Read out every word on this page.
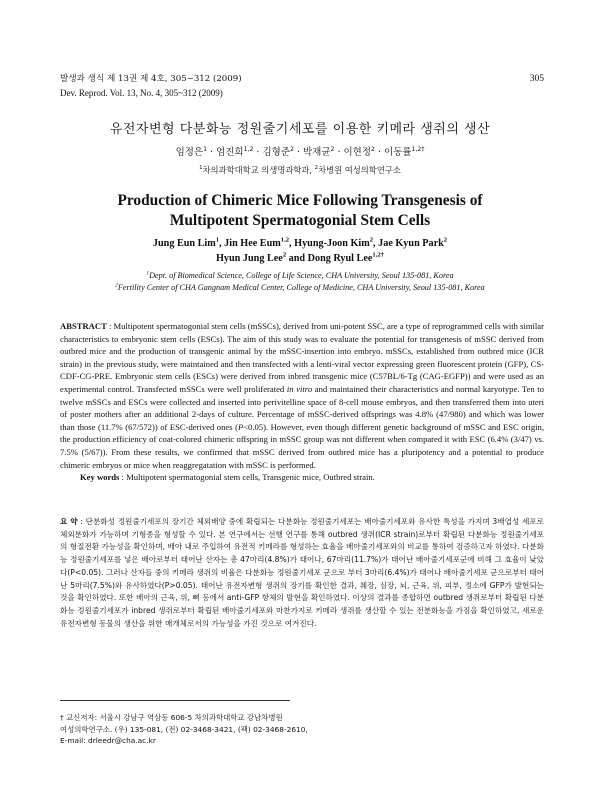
발생과 생식 제 13권 제 4호, 305~312 (2009)
Dev. Reprod. Vol. 13, No. 4, 305~312 (2009)
305
유전자변형 다분화능 정원줄기세포를 이용한 키메라 생쥐의 생산
임정은$^1$ · 엄진희$^{1,2}$ · 김형준$^2$ · 박재균$^2$ · 이현정$^2$ · 이동률$^{1,2\dagger}$
$^1$차의과학대학교 의생명과학과, $^2$차병원 여성의학연구소
Production of Chimeric Mice Following Transgenesis of
Multipotent Spermatogonial Stem Cells
Jung Eun Lim$^1$, Jin Hee Eum$^{1,2}$, Hyung-Joon Kim$^2$, Jae Kyun Park$^2$
Hyun Jung Lee$^2$ and Dong Ryul Lee$^{1,2\dagger}$
$^1$Dept. of Biomedical Science, College of Life Science, CHA University, Seoul 135-081, Korea
$^2$Fertility Center of CHA Gangnam Medical Center, College of Medicine, CHA University, Seoul 135-081, Korea
ABSTRACT : Multipotent spermatogonial stem cells (mSSCs), derived from uni-potent SSC, are a type of reprogrammed cells with similar characteristics to embryonic stem cells (ESCs). The aim of this study was to evaluate the potential for transgenesis of mSSC derived from outbred mice and the production of transgenic animal by the mSSC-insertion into embryo. mSSCs, established from outbred mice (ICR strain) in the previous study, were maintained and then transfected with a lenti-viral vector expressing green fluorescent protein (GFP), CS-CDF-CG-PRE. Embryonic stem cells (ESCs) were derived from inbred transgenic mice (C57BL/6-Tg (CAG-EGFP)) and were used as an experimental control. Transfected mSSCs were well proliferated in vitro and maintained their characteristics and normal karyotype. Ten to twelve mSSCs and ESCs were collected and inserted into perivitelline space of 8-cell mouse embryos, and then transferred them into uteri of poster mothers after an additional 2-days of culture. Percentage of mSSC-derived offsprings was 4.8% (47/980) and which was lower than those (11.7% (67/572)) of ESC-derived ones (P<0.05). However, even though different genetic background of mSSC and ESC origin, the production efficiency of coat-colored chimeric offspring in mSSC group was not different when compared it with ESC (6.4% (3/47) vs. 7.5% (5/67)). From these results, we confirmed that mSSC derived from outbred mice has a pluripotency and a potential to produce chimeric embryos or mice when reaggregatation with mSSC is performed.
Key words : Multipotent spermatogonial stem cells, Transgenic mice, Outbred strain.
요 약 : 단분화성 정원줄기세포의 장기간 체외배양 중에 확립되는 다분화능 정원줄기세포는 배아줄기세포와 유사한 특성을 가지며 3배엽성 세포로 체외분화가 가능하며 기형종을 형성할 수 있다. 본 연구에서는 선행 연구를 통해 outbred 생쥐(ICR strain)로부터 확립된 다분화능 정원줄기세포의 형질전환 가능성을 확인하며, 배아 내로 주입하여 유전적 키메라를 형성하는 효율을 배아줄기세포와의 비교를 통하여 검증하고자 하였다. 다분화능 정원줄기세포를 넣은 배아로부터 태어난 산자는 총 47마리(4.8%)가 태어나, 67마리(11.7%)가 태어난 배아줄기세포군에 비해 그 효율이 낮았다(P<0.05). 그러나 산자들 중의 키메라 생쥐의 비율은 다분화능 정원줄기세포 군으로 부터 3마리(6.4%)가 태어나 배아줄기세포 군으로부터 태어난 5마리(7.5%)와 유사하였다(P>0.05). 태어난 유전자변형 생쥐의 장기를 확인한 결과, 췌장, 심장, 뇌, 근육, 위, 피부, 정소에 GFP가 발현되는 것을 확인하였다. 또한 배아의 근육, 위, 뼈 등에서 anti-GFP 항체의 발현을 확인하였다. 이상의 결과를 종합하면 outbred 생쥐로부터 확립된 다분화능 정원줄기세포가 inbred 생쥐로부터 확립된 배아줄기세포와 마찬가지로 키메라 생쥐를 생산할 수 있는 전분화능을 가짐을 확인하였고, 새로운 유전자변형 동물의 생산을 위한 매개체로서의 가능성을 가진 것으로 여겨진다.
† 교신저자: 서울시 강남구 역삼동 606-5 차의과학대학교 강남차병원
여성의학연구소. (우) 135-081, (전) 02-3468-3421, (팩) 02-3468-2610,
E-mail: drleedr@cha.ac.kr
